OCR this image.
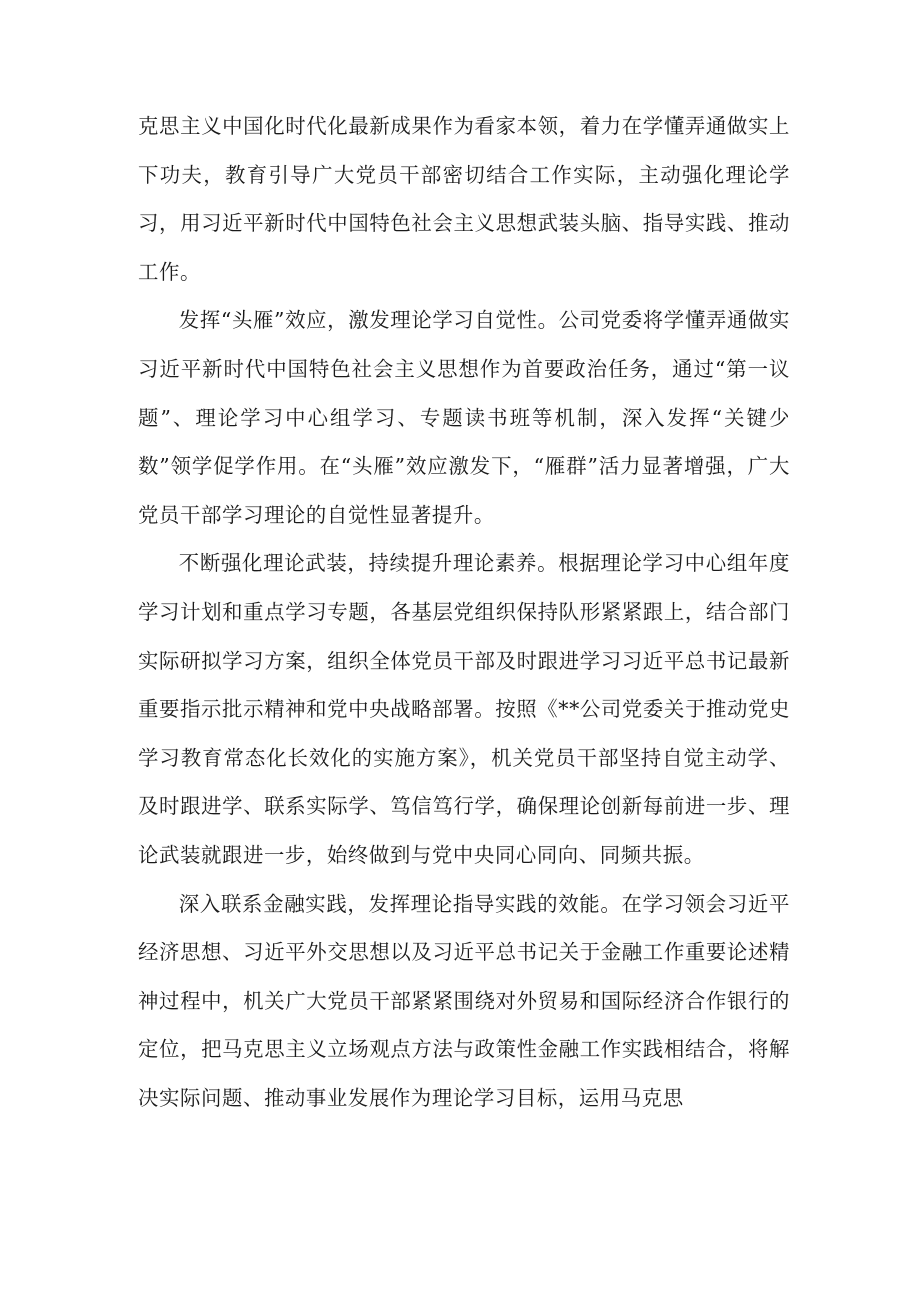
克思主义中国化时代化最新成果作为看家本领，着力在学懂弄通做实上下功夫，教育引导广大党员干部密切结合工作实际，主动强化理论学习，用习近平新时代中国特色社会主义思想武装头脑、指导实践、推动工作。

发挥“头雁”效应，激发理论学习自觉性。公司党委将学懂弄通做实习近平新时代中国特色社会主义思想作为首要政治任务，通过“第一议题”、理论学习中心组学习、专题读书班等机制，深入发挥“关键少数”领学促学作用。在“头雁”效应激发下，“雁群”活力显著增强，广大党员干部学习理论的自觉性显著提升。

不断强化理论武装，持续提升理论素养。根据理论学习中心组年度学习计划和重点学习专题，各基层党组织保持队形紧紧跟上，结合部门实际研拟学习方案，组织全体党员干部及时跟进学习习近平总书记最新重要指示批示精神和党中央战略部署。按照《**公司党委关于推动党史学习教育常态化长效化的实施方案》，机关党员干部坚持自觉主动学、及时跟进学、联系实际学、笃信笃行学，确保理论创新每前进一步、理论武装就跟进一步，始终做到与党中央同心同向、同频共振。

深入联系金融实践，发挥理论指导实践的效能。在学习领会习近平经济思想、习近平外交思想以及习近平总书记关于金融工作重要论述精神过程中，机关广大党员干部紧紧围绕对外贸易和国际经济合作银行的定位，把马克思主义立场观点方法与政策性金融工作实践相结合，将解决实际问题、推动事业发展作为理论学习目标，运用马克思
